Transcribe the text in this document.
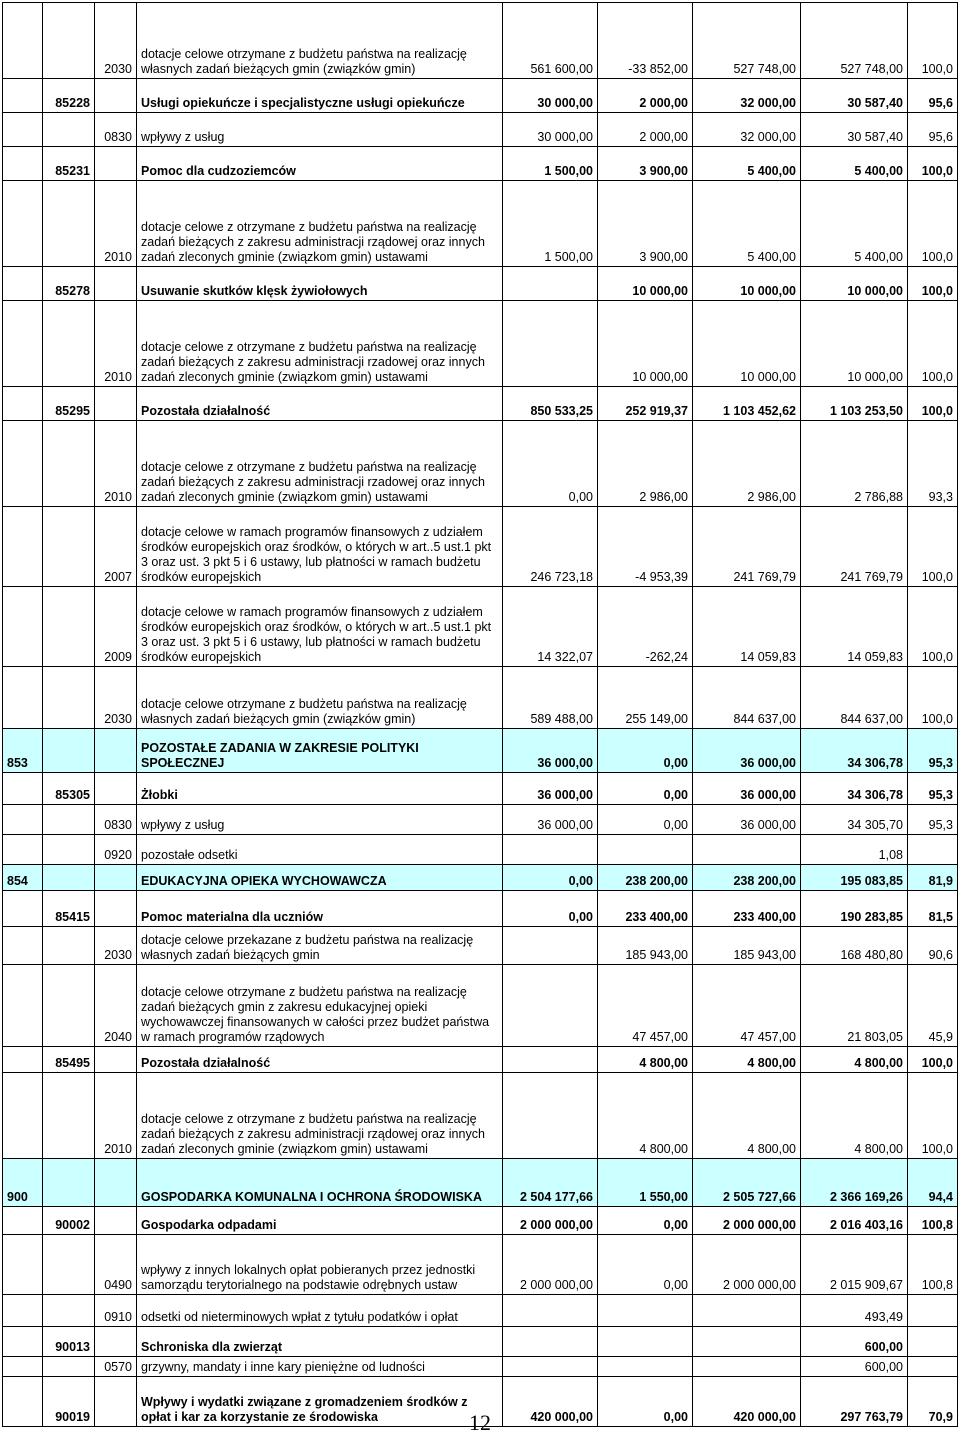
		2030	dotacje celowe otrzymane z budżetu państwa na realizację własnych zadań bieżących gmin (związków gmin)	561 600,00	-33 852,00	527 748,00	527 748,00	100,0
	85228		Usługi opiekuńcze i specjalistyczne usługi opiekuńcze	30 000,00	2 000,00	32 000,00	30 587,40	95,6
		0830	wpływy z usług	30 000,00	2 000,00	32 000,00	30 587,40	95,6
	85231		Pomoc dla cudzoziemców	1 500,00	3 900,00	5 400,00	5 400,00	100,0
		2010	dotacje celowe z otrzymane z budżetu państwa na realizację zadań bieżących z zakresu administracji rządowej oraz innych zadań zleconych gminie (związkom gmin) ustawami	1 500,00	3 900,00	5 400,00	5 400,00	100,0
	85278		Usuwanie skutków klęsk żywiołowych		10 000,00	10 000,00	10 000,00	100,0
		2010	dotacje celowe z otrzymane z budżetu państwa na realizację zadań bieżących z zakresu administracji rzadowej oraz innych zadań zleconych gminie (związkom gmin) ustawami		10 000,00	10 000,00	10 000,00	100,0
	85295		Pozostała działalność	850 533,25	252 919,37	1 103 452,62	1 103 253,50	100,0
		2010	dotacje celowe z otrzymane z budżetu państwa na realizację zadań bieżących z zakresu administracji rzadowej oraz innych zadań zleconych gminie (związkom gmin) ustawami	0,00	2 986,00	2 986,00	2 786,88	93,3
		2007	dotacje celowe w ramach programów finansowych z udziałem środków europejskich oraz środków, o których w art..5 ust.1 pkt 3 oraz ust. 3 pkt 5 i 6 ustawy, lub płatności w ramach budżetu środków europejskich	246 723,18	-4 953,39	241 769,79	241 769,79	100,0
		2009	dotacje celowe w ramach programów finansowych z udziałem środków europejskich oraz środków, o których w art..5 ust.1 pkt 3 oraz ust. 3 pkt 5 i 6 ustawy, lub płatności w ramach budżetu środków europejskich	14 322,07	-262,24	14 059,83	14 059,83	100,0
		2030	dotacje celowe otrzymane z budżetu państwa na realizację własnych zadań bieżących gmin (związków gmin)	589 488,00	255 149,00	844 637,00	844 637,00	100,0
853			POZOSTAŁE ZADANIA W ZAKRESIE POLITYKI SPOŁECZNEJ	36 000,00	0,00	36 000,00	34 306,78	95,3
	85305		Żłobki	36 000,00	0,00	36 000,00	34 306,78	95,3
		0830	wpływy z usług	36 000,00	0,00	36 000,00	34 305,70	95,3
		0920	pozostałe odsetki				1,08	
854			EDUKACYJNA OPIEKA WYCHOWAWCZA	0,00	238 200,00	238 200,00	195 083,85	81,9
	85415		Pomoc materialna dla uczniów	0,00	233 400,00	233 400,00	190 283,85	81,5
		2030	dotacje celowe przekazane z budżetu państwa na realizację własnych zadań bieżących gmin		185 943,00	185 943,00	168 480,80	90,6
		2040	dotacje celowe otrzymane z budżetu państwa na realizację zadań bieżących gmin z zakresu edukacyjnej opieki wychowawczej finansowanych w całości przez budżet państwa w ramach programów rządowych		47 457,00	47 457,00	21 803,05	45,9
	85495		Pozostała działalność		4 800,00	4 800,00	4 800,00	100,0
		2010	dotacje celowe z otrzymane z budżetu państwa na realizację zadań bieżących z zakresu administracji rządowej oraz innych zadań zleconych gminie (związkom gmin) ustawami		4 800,00	4 800,00	4 800,00	100,0
900			GOSPODARKA KOMUNALNA I OCHRONA ŚRODOWISKA	2 504 177,66	1 550,00	2 505 727,66	2 366 169,26	94,4
	90002		Gospodarka odpadami	2 000 000,00	0,00	2 000 000,00	2 016 403,16	100,8
		0490	wpływy z innych lokalnych opłat pobieranych przez jednostki samorządu terytorialnego na podstawie odrębnych ustaw	2 000 000,00	0,00	2 000 000,00	2 015 909,67	100,8
		0910	odsetki od nieterminowych wpłat z tytułu podatków i opłat				493,49	
	90013		Schroniska dla zwierząt				600,00	
		0570	grzywny, mandaty i inne kary pieniężne od ludności				600,00	
	90019		Wpływy i wydatki związane z gromadzeniem środków z opłat i kar za korzystanie ze środowiska	420 000,00	0,00	420 000,00	297 763,79	70,9
12
